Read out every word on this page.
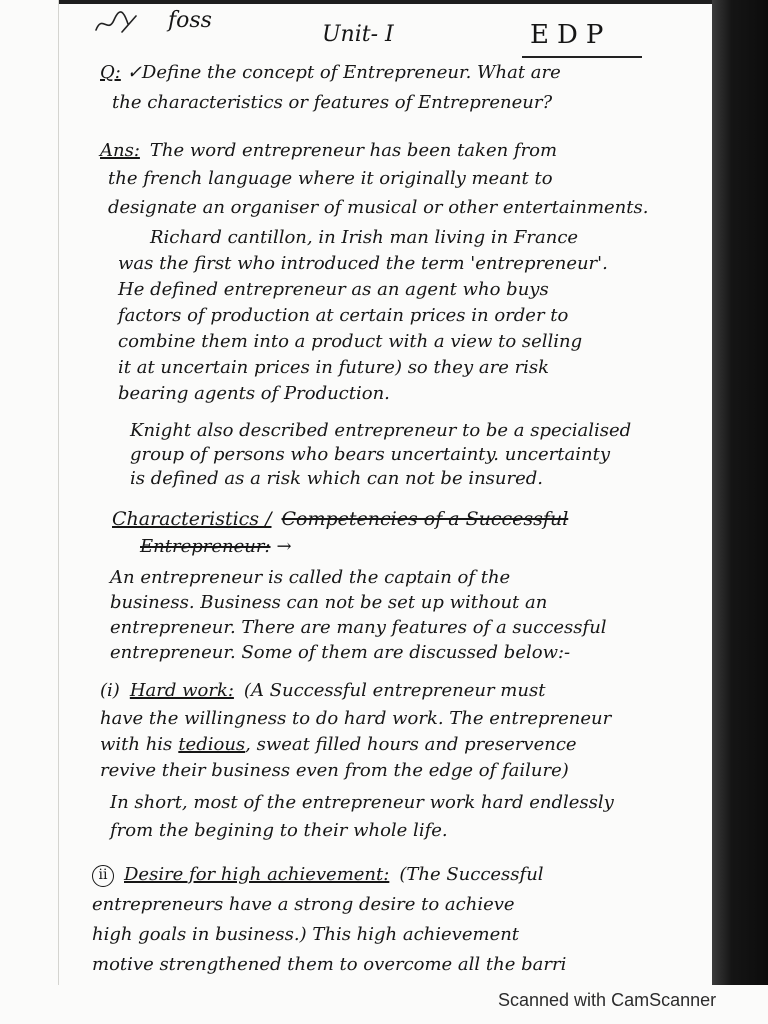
foss
Unit- I	EDP
Q: ✓Define the concept of Entrepreneur. What are
the characteristics or features of Entrepreneur?
Ans: The word entrepreneur has been taken from
the french language where it originally meant to
designate an organiser of musical or other entertainments.
Richard cantillon, in Irish man living in France
was the first who introduced the term 'entrepreneur'.
He defined entrepreneur as an agent who buys
factors of production at certain prices in order to
combine them into a product with a view to selling
it at uncertain prices in future) so they are risk
bearing agents of Production.
Knight also described entrepreneur to be a specialised
group of persons who bears uncertainty. uncertainty
is defined as a risk which can not be insured.
Characteristics / Competencies of a Successful
Entrepreneur: →
An entrepreneur is called the captain of the
business. Business can not be set up without an
entrepreneur. There are many features of a successful
entrepreneur. Some of them are discussed below:-
(i) Hard work: (A Successful entrepreneur must
have the willingness to do hard work. The entrepreneur
with his tedious, sweat filled hours and preservence
revive their business even from the edge of failure)
In short, most of the entrepreneur work hard endlessly
from the begining to their whole life.
ii Desire for high achievement: (The Successful
entrepreneurs have a strong desire to achieve
high goals in business.) This high achievement
motive strengthened them to overcome all the barri
Scanned with CamScanner
